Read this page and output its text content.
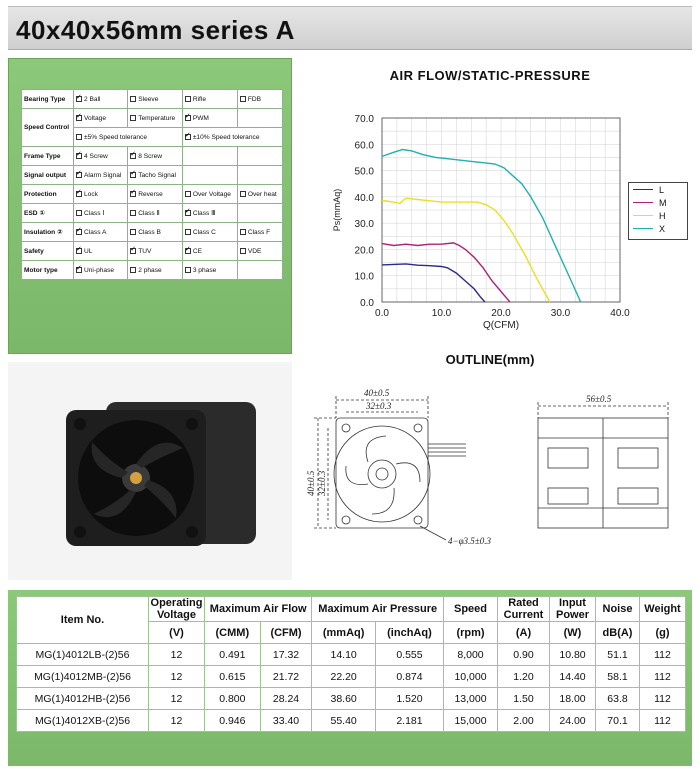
40x40x56mm series A
Bearing Type	✓2 Ball	Sleeve	Rifle	FDB
Speed Control	✓Voltage	Temperature	✓PWM	
	±5% Speed tolerance	✓±10% Speed tolerance
Frame Type	✓4 Screw	✓8 Screw		
Signal output	✓Alarm Signal	✓Tacho Signal		
Protection	✓Lock	✓Reverse	Over Voltage	Over heat
ESD ①	Class Ⅰ	Class Ⅱ	✓Class Ⅲ	
Insulation ②	✓Class A	Class B	Class C	Class F
Safety	✓UL	✓TUV	✓CE	VDE
Motor type	✓Uni-phase	2 phase	3 phase	
AIR FLOW/STATIC-PRESSURE
0.0	10.0	20.0	30.0	40.0
0.0
10.0
20.0
30.0
40.0
50.0
60.0
70.0
Q(CFM)
Ps(mmAq)	L
M
H
X
OUTLINE(mm)
40±0.5
32±0.3
40±0.5 32±0.3
4−φ3.5±0.3
56±0.5
Item No.	Operating Voltage	Maximum Air Flow		Maximum Air Pressure		Speed	Rated Current	Input Power	Noise	Weight
	(V)	(CMM)	(CFM)	(mmAq)	(inchAq)	(rpm)	(A)	(W)	dB(A)	(g)
MG(1)4012LB-(2)56	12	0.491	17.32	14.10	0.555	8,000	0.90	10.80	51.1	112
MG(1)4012MB-(2)56	12	0.615	21.72	22.20	0.874	10,000	1.20	14.40	58.1	112
MG(1)4012HB-(2)56	12	0.800	28.24	38.60	1.520	13,000	1.50	18.00	63.8	112
MG(1)4012XB-(2)56	12	0.946	33.40	55.40	2.181	15,000	2.00	24.00	70.1	112
